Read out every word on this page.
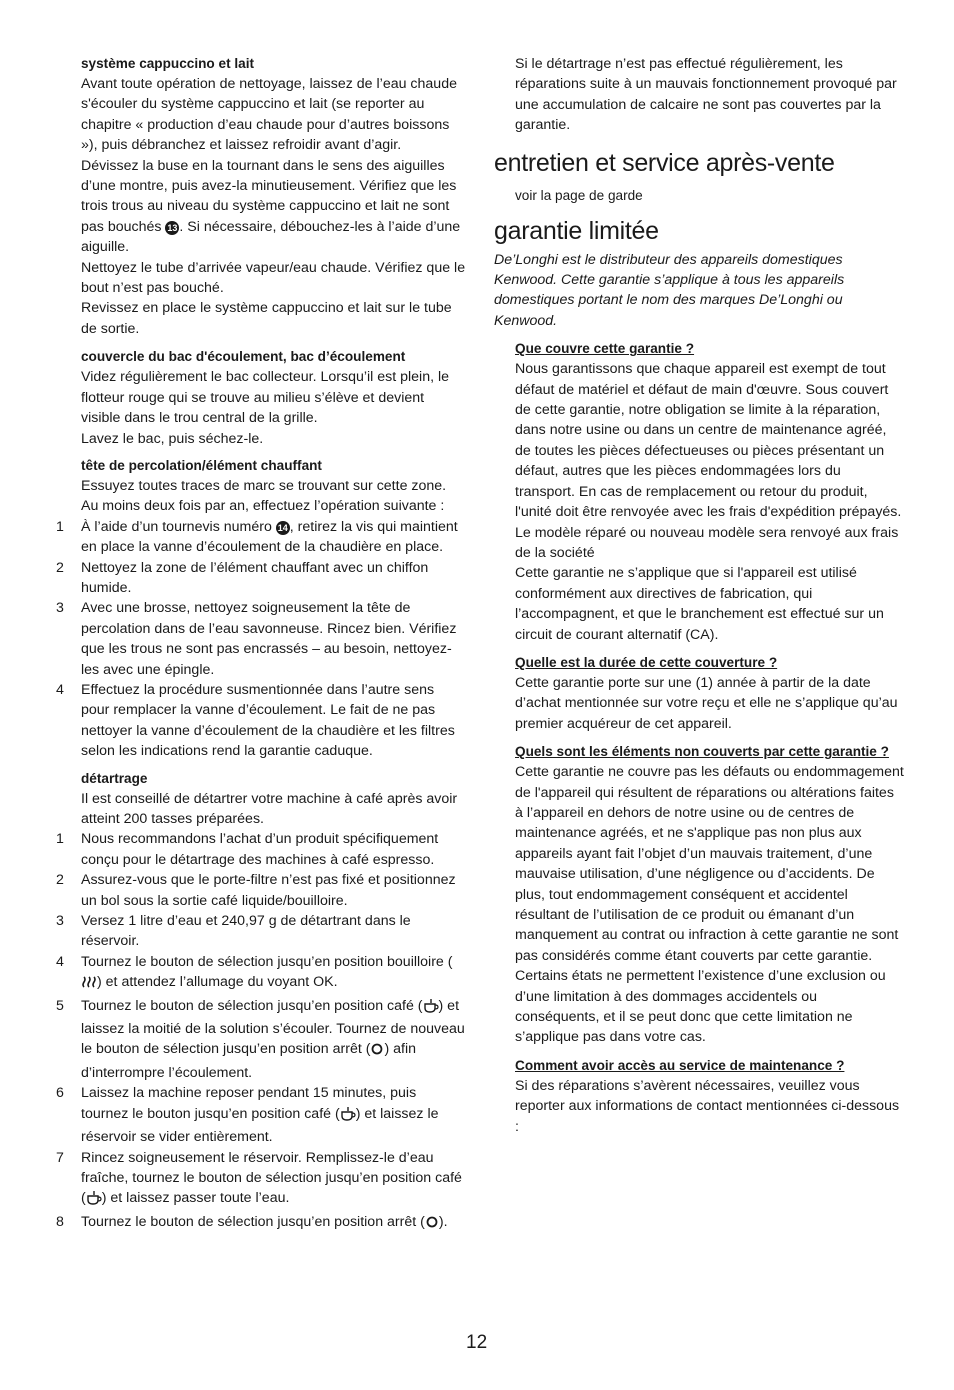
système cappuccino et lait

Avant toute opération de nettoyage, laissez de l’eau chaude s'écouler du système cappuccino et lait (se reporter au chapitre « production d’eau chaude pour d’autres boissons »), puis débranchez et laissez refroidir avant d’agir.

Dévissez la buse en la tournant dans le sens des aiguilles d’une montre, puis avez-la minutieusement. Vérifiez que les trois trous au niveau du système cappuccino et lait ne sont pas bouchés 13 . Si nécessaire, débouchez-les à l’aide d’une aiguille.

Nettoyez le tube d’arrivée vapeur/eau chaude. Vérifiez que le bout n’est pas bouché.

Revissez en place le système cappuccino et lait sur le tube de sortie.

couvercle du bac d'écoulement, bac d’écoulement

Videz régulièrement le bac collecteur. Lorsqu’il est plein, le flotteur rouge qui se trouve au milieu s’élève et devient visible dans le trou central de la grille.

Lavez le bac, puis séchez-le.

tête de percolation/élément chauffant

Essuyez toutes traces de marc se trouvant sur cette zone. Au moins deux fois par an, effectuez l’opération suivante :

1	À l’aide d’un tournevis numéro 14 , retirez la vis qui maintient en place la vanne d’écoulement de la chaudière en place.
2	Nettoyez la zone de l’élément chauffant avec un chiffon humide.
3	Avec une brosse, nettoyez soigneusement la tête de percolation dans de l’eau savonneuse. Rincez bien. Vérifiez que les trous ne sont pas encrassés – au besoin, nettoyez-les avec une épingle.
4	Effectuez la procédure susmentionnée dans l’autre sens pour remplacer la vanne d’écoulement. Le fait de ne pas nettoyer la vanne d’écoulement de la chaudière et les filtres selon les indications rend la garantie caduque.

détartrage

Il est conseillé de détartrer votre machine à café après avoir atteint 200 tasses préparées.

1	Nous recommandons l’achat d’un produit spécifiquement conçu pour le détartrage des machines à café espresso.
2	Assurez-vous que le porte-filtre n’est pas fixé et positionnez un bol sous la sortie café liquide/bouilloire.
3	Versez 1 litre d’eau et 240,97 g de détartrant dans le réservoir.
4	Tournez le bouton de sélection jusqu’en position bouilloire () et attendez l’allumage du voyant OK.
5	Tournez le bouton de sélection jusqu’en position café ( ) et laissez la moitié de la solution s’écouler. Tournez de nouveau le bouton de sélection jusqu’en position arrêt ( ) afin d’interrompre l’écoulement.
6	Laissez la machine reposer pendant 15 minutes, puis tournez le bouton jusqu’en position café ( ) et laissez le réservoir se vider entièrement.
7	Rincez soigneusement le réservoir. Remplissez-le d’eau fraîche, tournez le bouton de sélection jusqu’en position café ( ) et laissez passer toute l’eau.
8	Tournez le bouton de sélection jusqu’en position arrêt ( ).

Si le détartrage n’est pas effectué régulièrement, les réparations suite à un mauvais fonctionnement provoqué par une accumulation de calcaire ne sont pas couvertes par la garantie.

entretien et service après-vente

voir la page de garde

garantie limitée

De’Longhi est le distributeur des appareils domestiques Kenwood. Cette garantie s’applique à tous les appareils domestiques portant le nom des marques De’Longhi ou Kenwood.

Que couvre cette garantie ?

Nous garantissons que chaque appareil est exempt de tout défaut de matériel et défaut de main d'œuvre. Sous couvert de cette garantie, notre obligation se limite à la réparation, dans notre usine ou dans un centre de maintenance agréé, de toutes les pièces défectueuses ou pièces présentant un défaut, autres que les pièces endommagées lors du transport. En cas de remplacement ou retour du produit, l'unité doit être renvoyée avec les frais d'expédition prépayés. Le modèle réparé ou nouveau modèle sera renvoyé aux frais de la société

Cette garantie ne s’applique que si l'appareil est utilisé conformément aux directives de fabrication, qui l’accompagnent, et que le branchement est effectué sur un circuit de courant alternatif (CA).

Quelle est la durée de cette couverture ?

Cette garantie porte sur une (1) année à partir de la date d’achat mentionnée sur votre reçu et elle ne s’applique qu’au premier acquéreur de cet appareil.

Quels sont les éléments non couverts par cette garantie ?

Cette garantie ne couvre pas les défauts ou endommagement de l'appareil qui résultent de réparations ou altérations faites à l’appareil en dehors de notre usine ou de centres de maintenance agréés, et ne s'applique pas non plus aux appareils ayant fait l’objet d’un mauvais traitement, d’une mauvaise utilisation, d’une négligence ou d’accidents. De plus, tout endommagement conséquent et accidentel résultant de l’utilisation de ce produit ou émanant d’un manquement au contrat ou infraction à cette garantie ne sont pas considérés comme étant couverts par cette garantie. Certains états ne permettent l’existence d’une exclusion ou d’une limitation à des dommages accidentels ou conséquents, et il se peut donc que cette limitation ne s’applique pas dans votre cas.

Comment avoir accès au service de maintenance ?

Si des réparations s’avèrent nécessaires, veuillez vous reporter aux informations de contact mentionnées ci-dessous :

12
